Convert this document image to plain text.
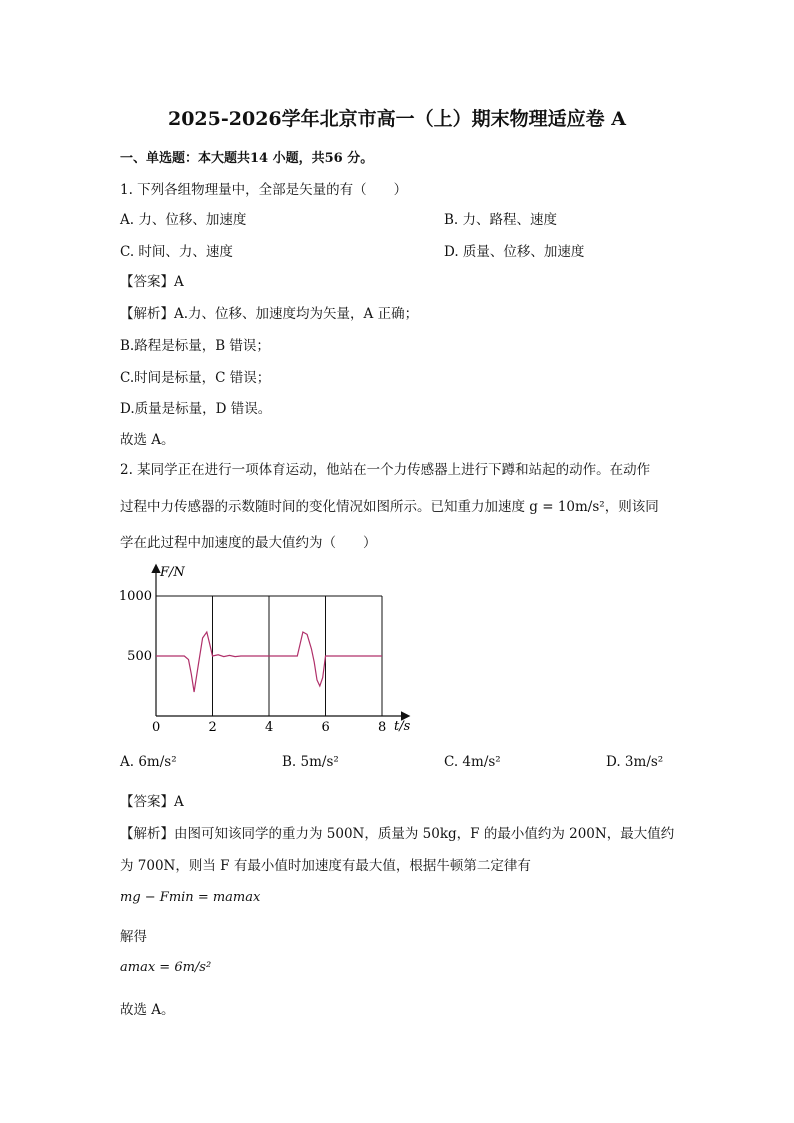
2025-2026学年北京市高一（上）期末物理适应卷 A
一、单选题：本大题共14 小题，共56 分。
1. 下列各组物理量中，全部是矢量的有（　　）
A. 力、位移、加速度	B. 力、路程、速度
C. 时间、力、速度	D. 质量、位移、加速度
【答案】A
【解析】A.力、位移、加速度均为矢量，A 正确；
B.路程是标量，B 错误；
C.时间是标量，C 错误；
D.质量是标量，D 错误。
故选 A。
2. 某同学正在进行一项体育运动，他站在一个力传感器上进行下蹲和站起的动作。在动作
过程中力传感器的示数随时间的变化情况如图所示。已知重力加速度 g = 10m/s²，则该同
学在此过程中加速度的最大值约为（　　）
F/N
t/s
0	2	4	6	8
500
1000
A. 6m/s²	B. 5m/s²	C. 4m/s²	D. 3m/s²
【答案】A
【解析】由图可知该同学的重力为 500N，质量为 50kg，F 的最小值约为 200N，最大值约
为 700N，则当 F 有最小值时加速度有最大值，根据牛顿第二定律有
mg − Fmin = mamax
解得
amax = 6m/s²
故选 A。
